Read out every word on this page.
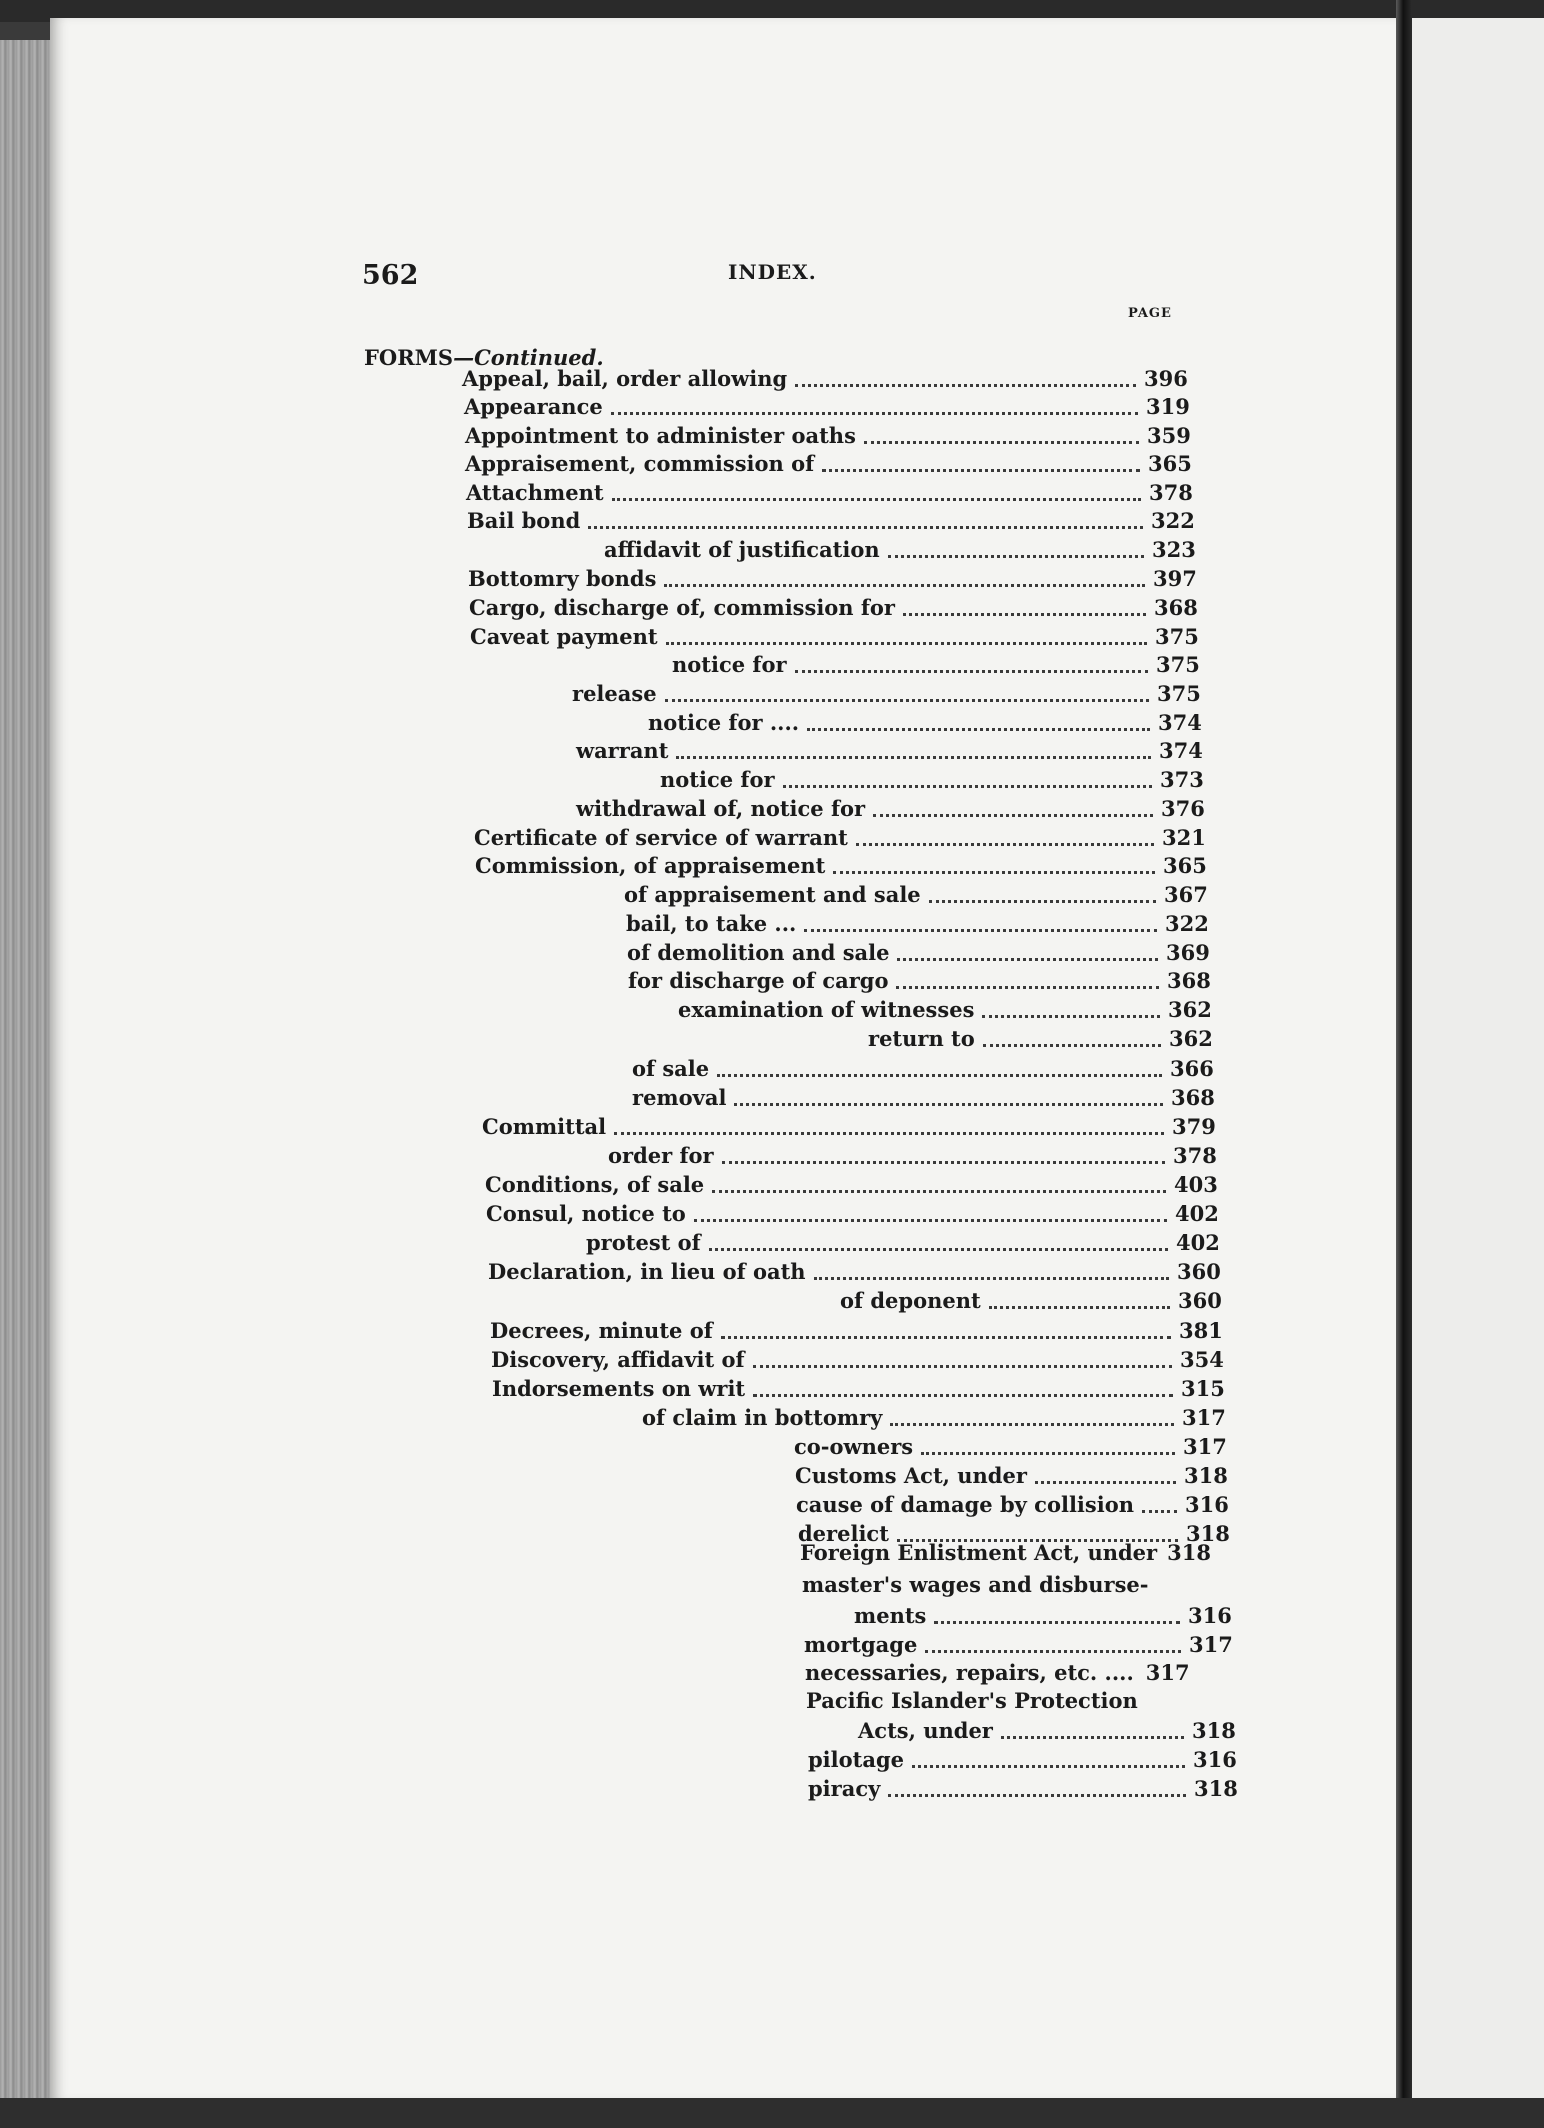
562	INDEX.
PAGE
FORMS—Continued.
Appeal, bail, order allowing	396
Appearance	319
Appointment to administer oaths	359
Appraisement, commission of	365
Attachment	378
Bail bond	322
affidavit of justification	323
Bottomry bonds	397
Cargo, discharge of, commission for	368
Caveat payment	375
notice for	375
release	375
notice for ....	374
warrant	374
notice for	373
withdrawal of, notice for	376
Certificate of service of warrant	321
Commission, of appraisement	365
of appraisement and sale	367
bail, to take ...	322
of demolition and sale	369
for discharge of cargo	368
examination of witnesses	362
return to	362
of sale	366
removal	368
Committal	379
order for	378
Conditions, of sale	403
Consul, notice to	402
protest of	402
Declaration, in lieu of oath	360
of deponent	360
Decrees, minute of	381
Discovery, affidavit of	354
Indorsements on writ	315
of claim in bottomry	317
co-owners	317
Customs Act, under	318
cause of damage by collision 316
derelict	318
Foreign Enlistment Act, under 318
master's wages and disburse-
ments	316
mortgage	317
necessaries, repairs, etc. .... 317
Pacific Islander's Protection
Acts, under	318
pilotage	316
piracy	318
